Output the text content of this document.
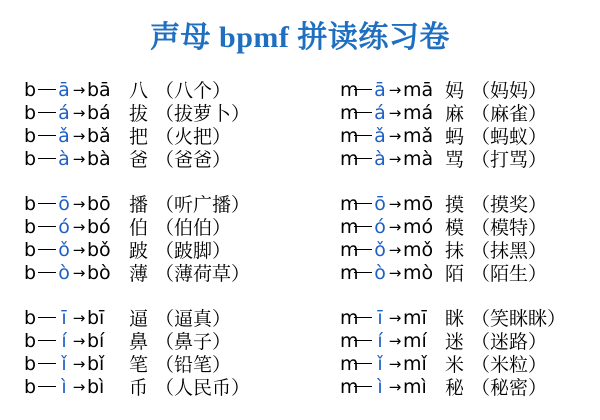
声母 bpmf 拼读练习卷
b ā → bā 八 （八个）
b á → bá 拔 （拔萝卜）
b ǎ → bǎ 把 （火把）
b à → bà 爸 （爸爸）
b ō → bō 播 （听广播）
b ó → bó 伯 （伯伯）
b ǒ → bǒ 跛 （跛脚）
b ò → bò 薄 （薄荷草）
b ī → bī	逼 （逼真）
b í → bí	鼻 （鼻子）
b ǐ → bǐ	笔 （铅笔）
b ì → bì	币 （人民币）
m ā → mā 妈 （妈妈）
m á → má 麻 （麻雀）
m ǎ → mǎ 蚂 （蚂蚁）
m à → mà 骂 （打骂）
m ō → mō 摸 （摸奖）
m ó → mó 模 （模特）
m ǒ → mǒ 抹 （抹黑）
m ò → mò 陌 （陌生）
m ī → mī 眯 （笑眯眯）
m í → mí 迷 （迷路）
m ǐ → mǐ 米 （米粒）
m ì → mì 秘 （秘密）
